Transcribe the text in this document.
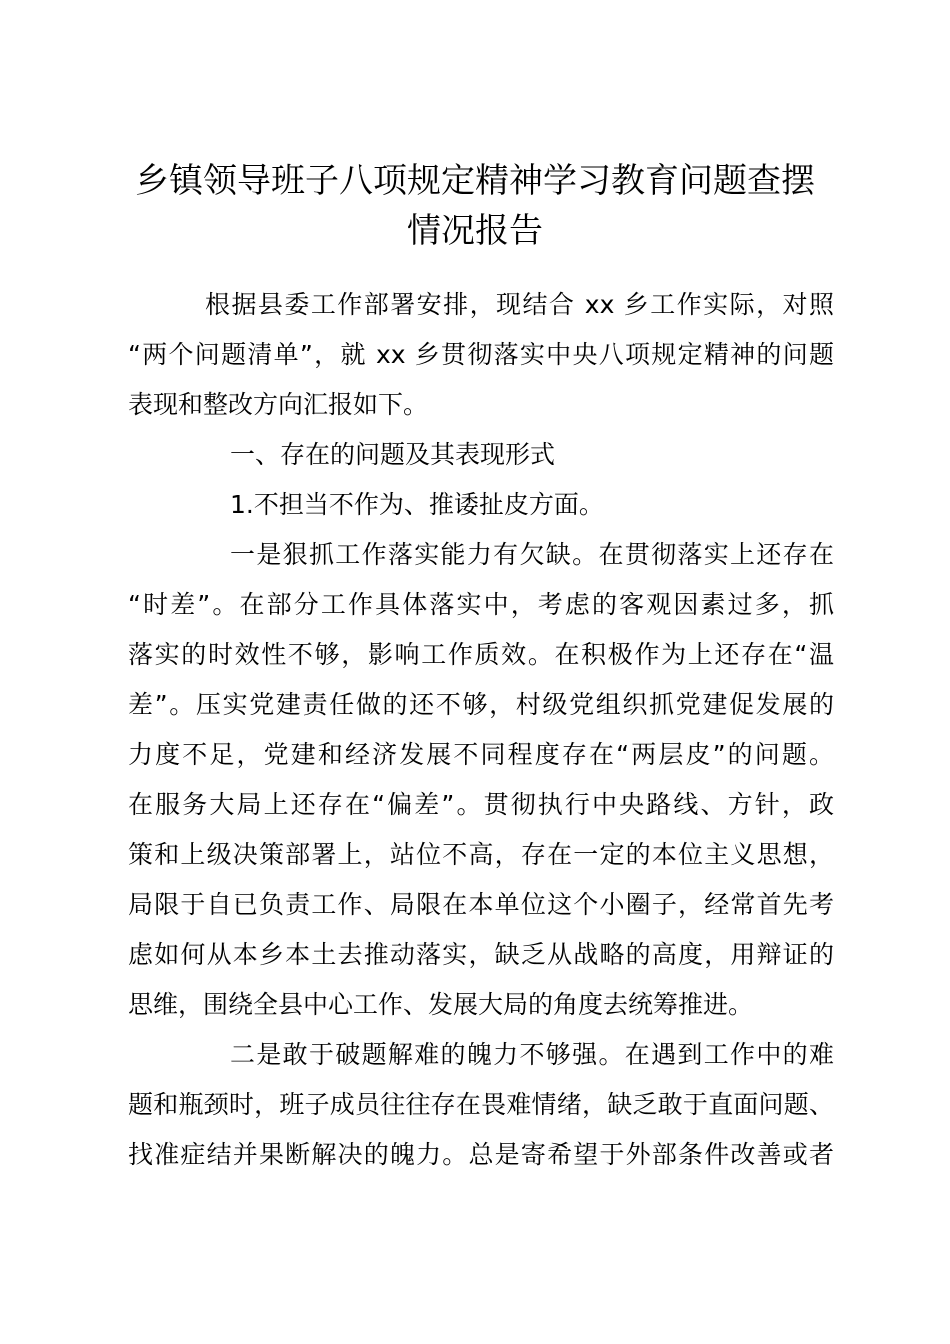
乡镇领导班子八项规定精神学习教育问题查摆
情况报告
根据县委工作部署安排，现结合 xx 乡工作实际，对照
“两个问题清单”，就 xx 乡贯彻落实中央八项规定精神的问题
表现和整改方向汇报如下。
一、存在的问题及其表现形式
1.不担当不作为、推诿扯皮方面。
一是狠抓工作落实能力有欠缺。在贯彻落实上还存在
“时差”。在部分工作具体落实中，考虑的客观因素过多，抓
落实的时效性不够，影响工作质效。在积极作为上还存在“温
差”。压实党建责任做的还不够，村级党组织抓党建促发展的
力度不足，党建和经济发展不同程度存在“两层皮”的问题。
在服务大局上还存在“偏差”。贯彻执行中央路线、方针，政
策和上级决策部署上，站位不高，存在一定的本位主义思想，
局限于自已负责工作、局限在本单位这个小圈子，经常首先考
虑如何从本乡本土去推动落实，缺乏从战略的高度，用辩证的
思维，围绕全县中心工作、发展大局的角度去统筹推进。
二是敢于破题解难的魄力不够强。在遇到工作中的难
题和瓶颈时，班子成员往往存在畏难情绪，缺乏敢于直面问题、
找准症结并果断解决的魄力。总是寄希望于外部条件改善或者
